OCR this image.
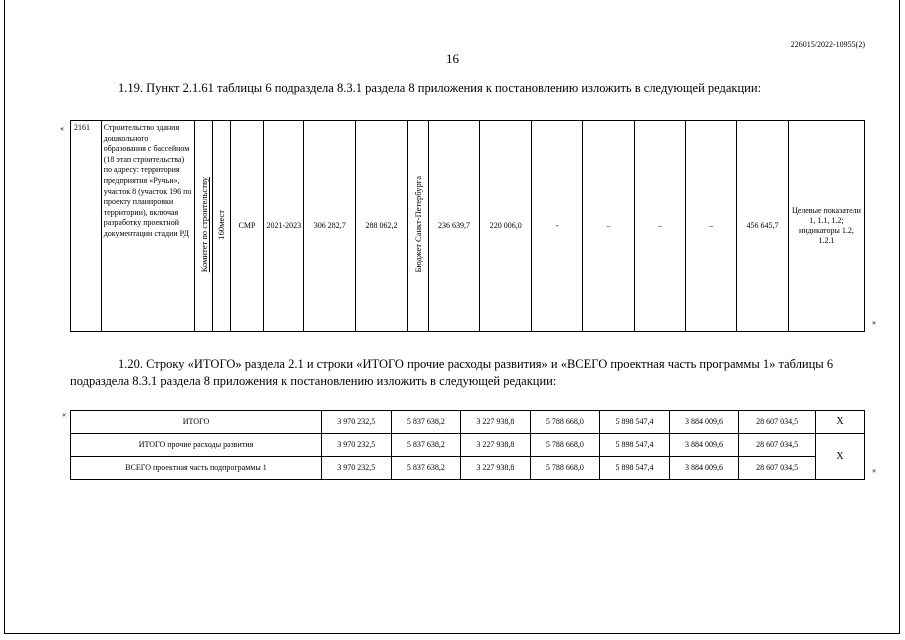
226015/2022-10955(2)
16
1.19. Пункт 2.1.61 таблицы 6 подраздела 8.3.1 раздела 8 приложения к постановлению изложить в следующей редакции:
« 2161	Строительство здания дошкольного образования с бассейном (18 этап строительства) по адресу: территория предприятия «Ручьи», участок 8 (участок 196 по проекту планировки территории), включая разработку проектной документации стадии РД	Комитет по строительству	160мест	СМР	2021-2023	306 282,7	288 062,2	Бюджет Санкт-Петербурга	236 639,7	220 006,0	-	–	–	–	456 645,7	Целевые показатели 1, 1.1, 1.2; индикаторы 1.2, 1.2.1
»
1.20. Строку «ИТОГО» раздела 2.1 и строки «ИТОГО прочие расходы развития» и «ВСЕГО проектная часть программы 1» таблицы 6 подраздела 8.3.1 раздела 8 приложения к постановлению изложить в следующей редакции:
«
ИТОГО	3 970 232,5	5 837 638,2	3 227 938,8	5 788 668,0	5 898 547,4	3 884 009,6	28 607 034,5	X
ИТОГО прочие расходы развития	3 970 232,5	5 837 638,2	3 227 938,8	5 788 668,0	5 898 547,4	3 884 009,6	28 607 034,5	X
ВСЕГО проектная часть подпрограммы 1	3 970 232,5	5 837 638,2	3 227 938,8	5 788 668,0	5 898 547,4	3 884 009,6	28 607 034,5		»
